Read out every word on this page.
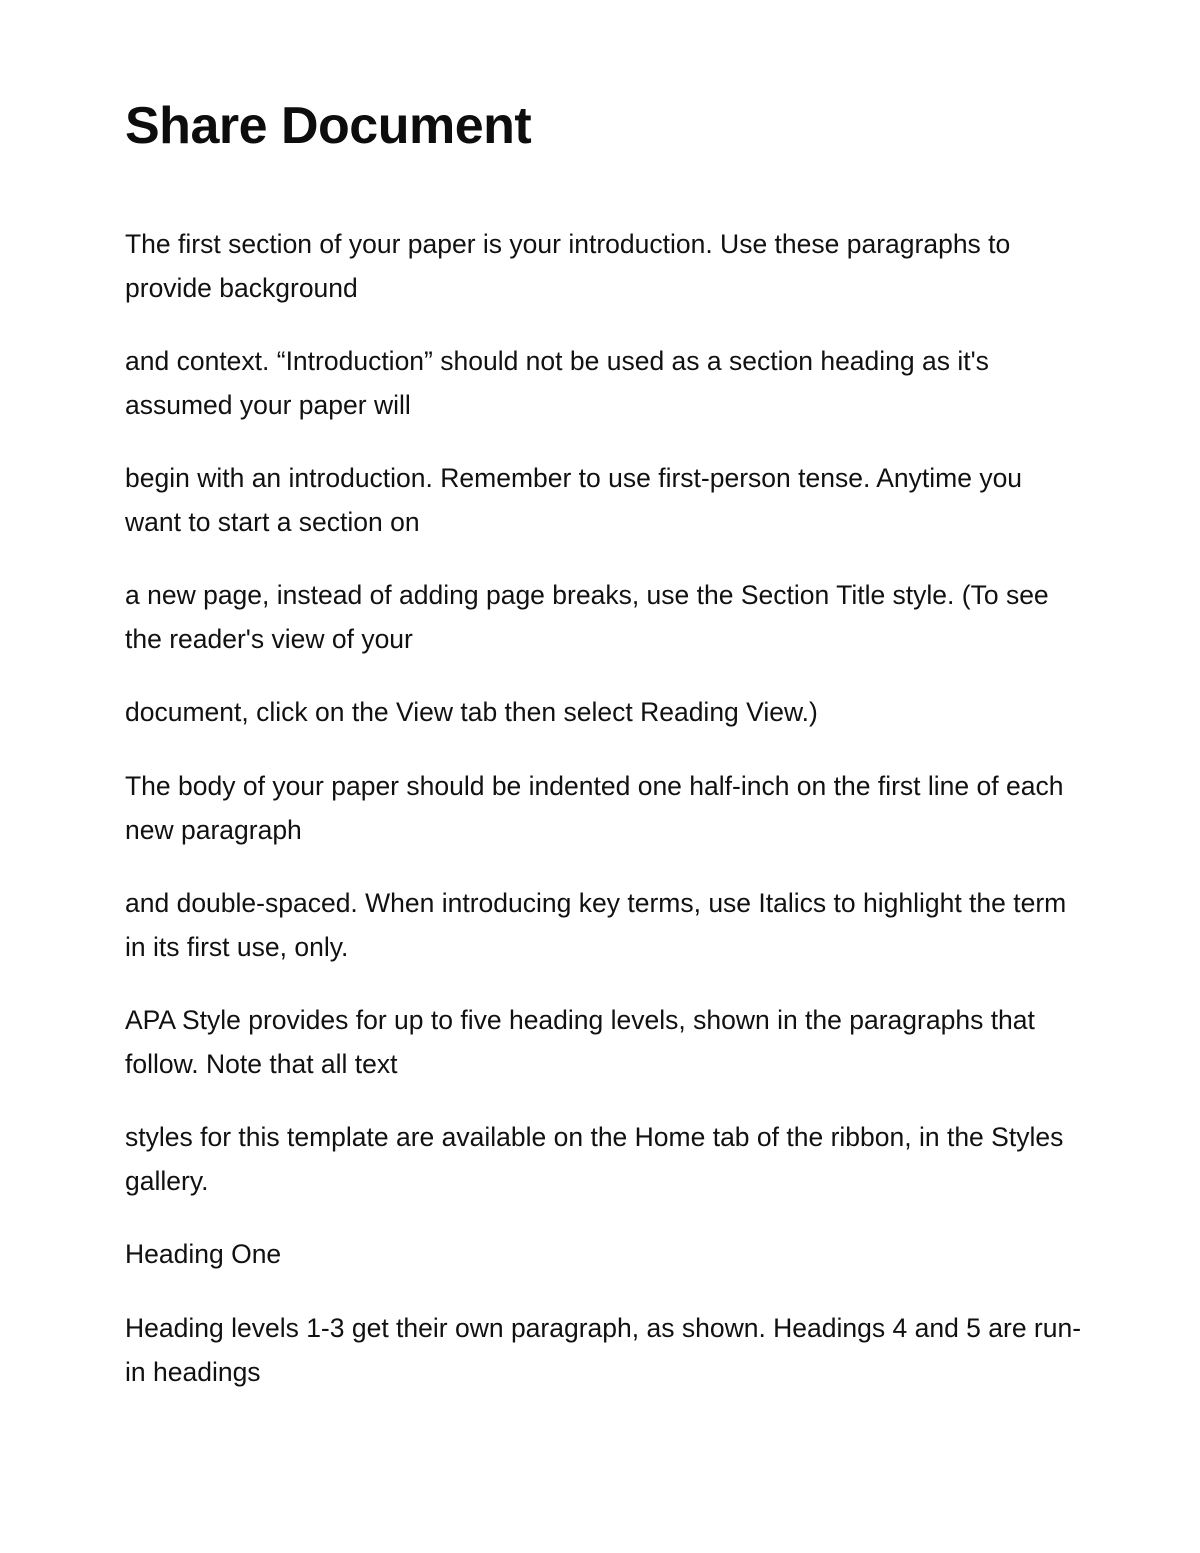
Share Document

The first section of your paper is your introduction. Use these paragraphs to provide background

and context. “Introduction” should not be used as a section heading as it's assumed your paper will

begin with an introduction. Remember to use first-person tense. Anytime you want to start a section on

a new page, instead of adding page breaks, use the Section Title style. (To see the reader's view of your

document, click on the View tab then select Reading View.)

The body of your paper should be indented one half-inch on the first line of each new paragraph

and double-spaced. When introducing key terms, use Italics to highlight the term in its first use, only.

APA Style provides for up to five heading levels, shown in the paragraphs that follow. Note that all text

styles for this template are available on the Home tab of the ribbon, in the Styles gallery.

Heading One

Heading levels 1-3 get their own paragraph, as shown. Headings 4 and 5 are run-in headings
